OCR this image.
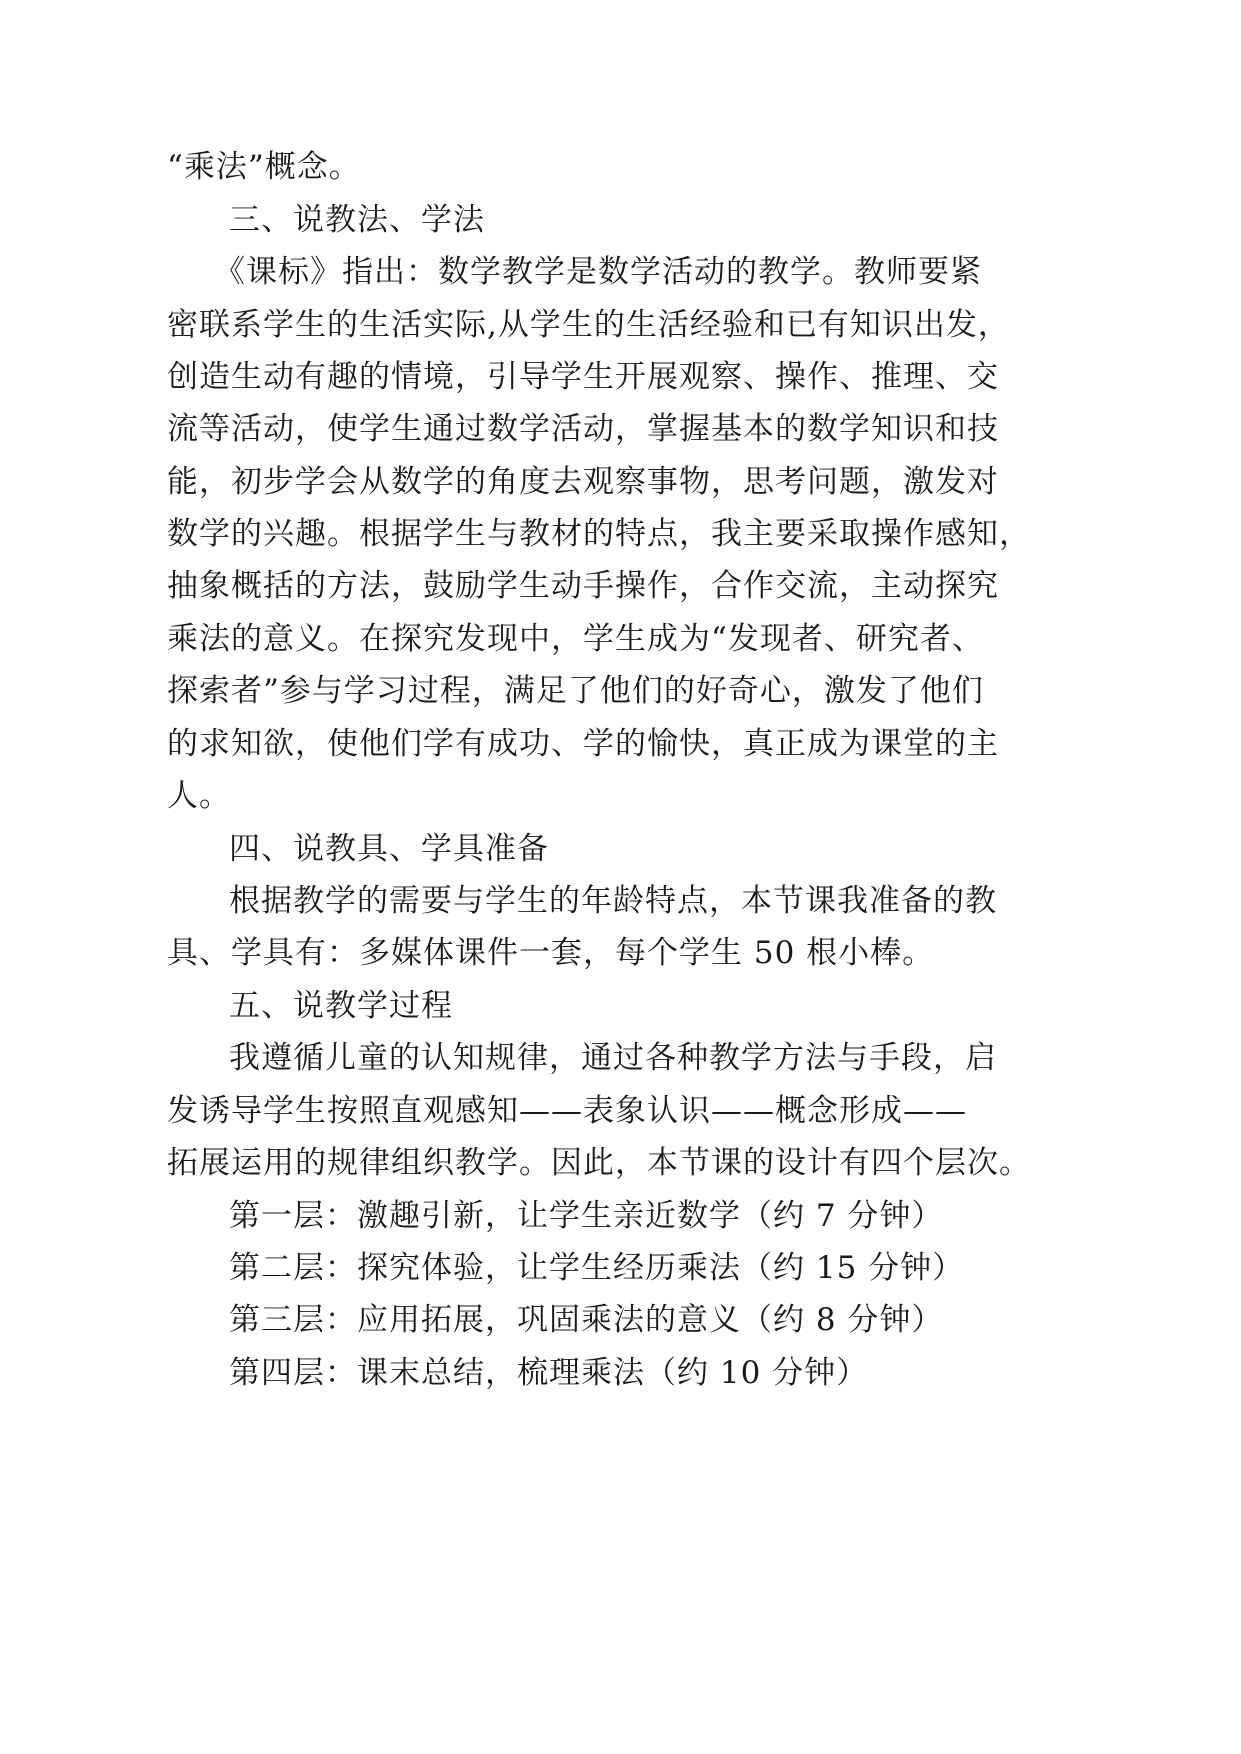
“乘法”概念。
三、说教法、学法
《课标》指出：数学教学是数学活动的教学。教师要紧
密联系学生的生活实际,从学生的生活经验和已有知识出发，
创造生动有趣的情境，引导学生开展观察、操作、推理、交
流等活动，使学生通过数学活动，掌握基本的数学知识和技
能，初步学会从数学的角度去观察事物，思考问题，激发对
数学的兴趣。根据学生与教材的特点，我主要采取操作感知，
抽象概括的方法，鼓励学生动手操作，合作交流，主动探究
乘法的意义。在探究发现中，学生成为“发现者、研究者、
探索者”参与学习过程，满足了他们的好奇心，激发了他们
的求知欲，使他们学有成功、学的愉快，真正成为课堂的主
人。
四、说教具、学具准备
根据教学的需要与学生的年龄特点，本节课我准备的教
具、学具有：多媒体课件一套，每个学生 50 根小棒。
五、说教学过程
我遵循儿童的认知规律，通过各种教学方法与手段，启
发诱导学生按照直观感知——表象认识——概念形成——
拓展运用的规律组织教学。因此，本节课的设计有四个层次。
第一层：激趣引新，让学生亲近数学（约 7 分钟）
第二层：探究体验，让学生经历乘法（约 15 分钟）
第三层：应用拓展，巩固乘法的意义（约 8 分钟）
第四层：课末总结，梳理乘法（约 10 分钟）
